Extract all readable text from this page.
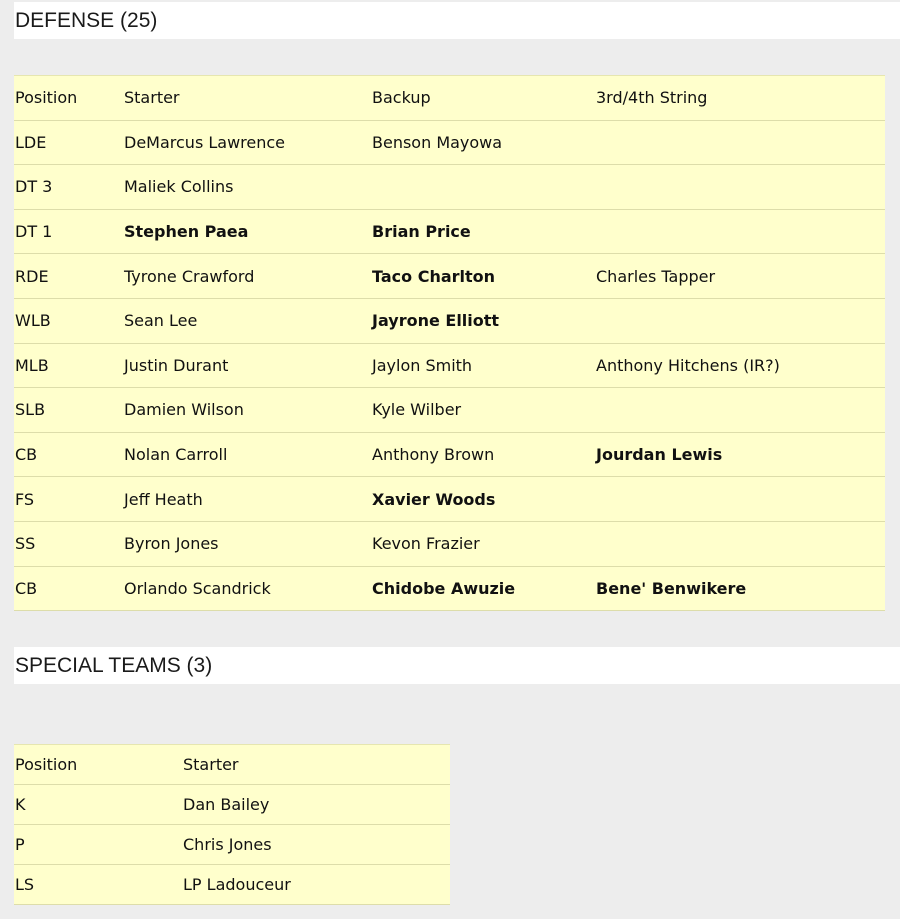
DEFENSE (25)
Position	Starter	Backup	3rd/4th String
LDE	DeMarcus Lawrence	Benson Mayowa	
DT 3	Maliek Collins		
DT 1	Stephen Paea	Brian Price	
RDE	Tyrone Crawford	Taco Charlton	Charles Tapper
WLB	Sean Lee	Jayrone Elliott	
MLB	Justin Durant	Jaylon Smith	Anthony Hitchens (IR?)
SLB	Damien Wilson	Kyle Wilber	
CB	Nolan Carroll	Anthony Brown	Jourdan Lewis
FS	Jeff Heath	Xavier Woods	
SS	Byron Jones	Kevon Frazier	
CB	Orlando Scandrick	Chidobe Awuzie	Bene' Benwikere
SPECIAL TEAMS (3)
Position	Starter
K	Dan Bailey
P	Chris Jones
LS	LP Ladouceur
